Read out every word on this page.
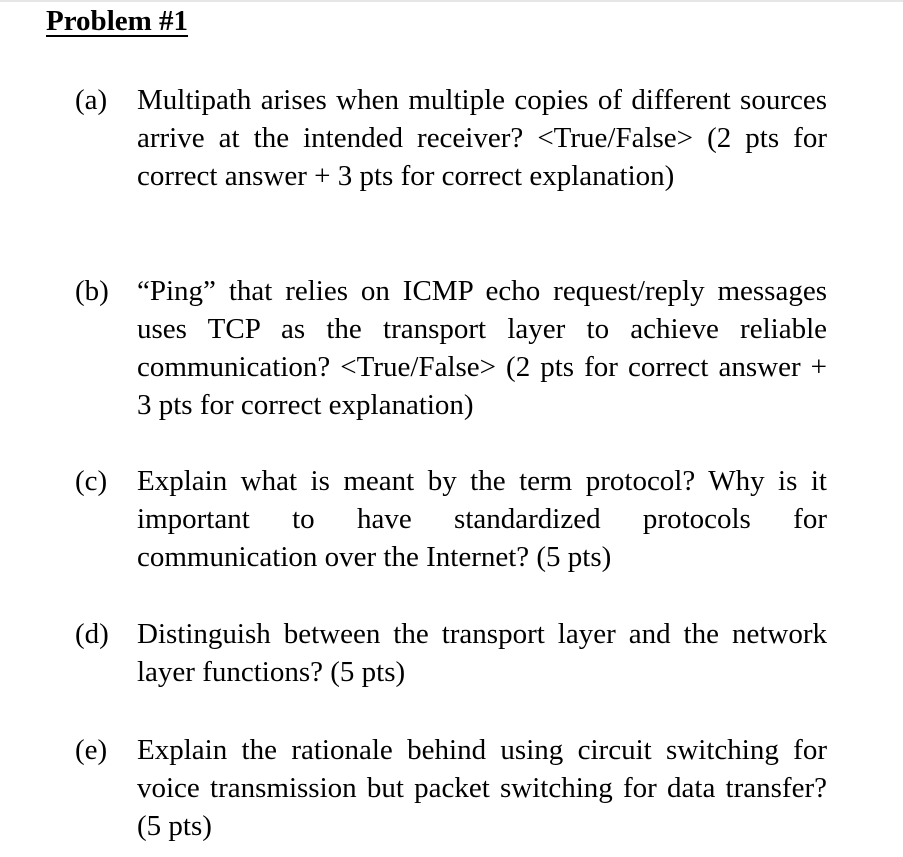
Problem #1
(a) Multipath arises when multiple copies of different sources arrive at the intended receiver? <True/False> (2 pts for correct answer + 3 pts for correct explanation)
(b) “Ping” that relies on ICMP echo request/reply messages uses TCP as the transport layer to achieve reliable communication? <True/False> (2 pts for correct answer + 3 pts for correct explanation)
(c) Explain what is meant by the term protocol? Why is it important to have standardized protocols for communication over the Internet? (5 pts)
(d) Distinguish between the transport layer and the network layer functions? (5 pts)
(e) Explain the rationale behind using circuit switching for voice transmission but packet switching for data transfer? (5 pts)
